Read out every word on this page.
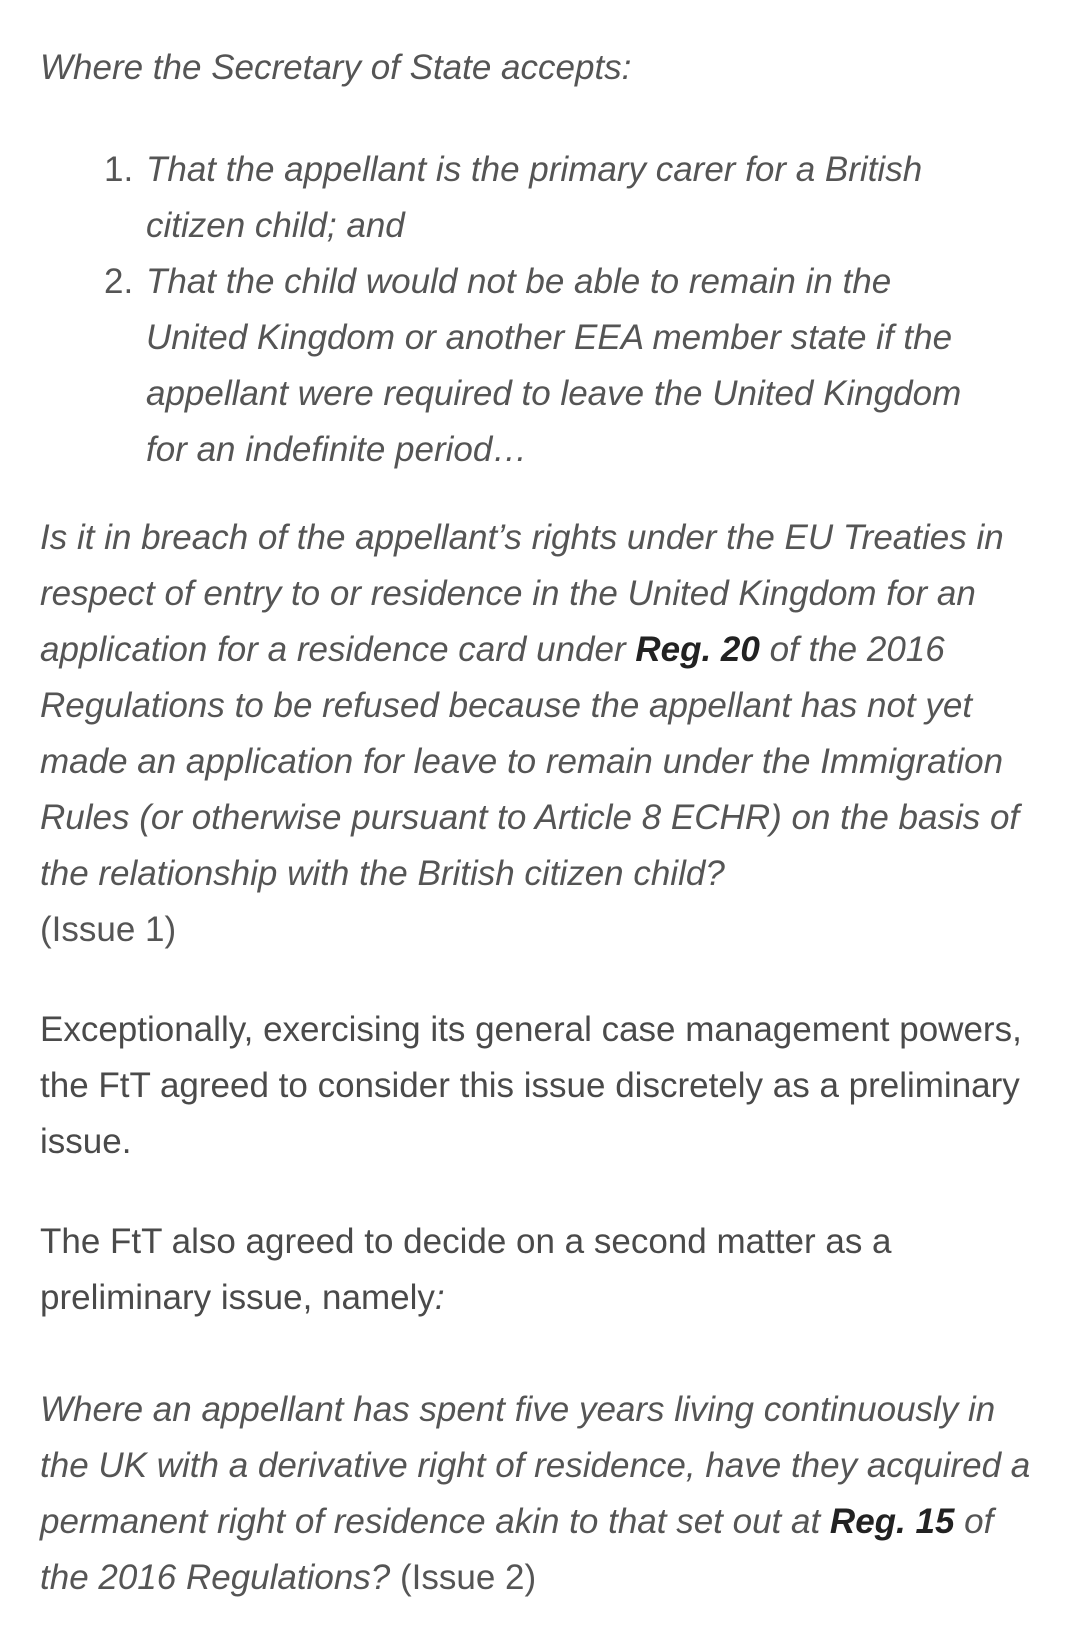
Where the Secretary of State accepts:

1. That the appellant is the primary carer for a British citizen child; and
2. That the child would not be able to remain in the United Kingdom or another EEA member state if the appellant were required to leave the United Kingdom for an indefinite period…

Is it in breach of the appellant’s rights under the EU Treaties in respect of entry to or residence in the United Kingdom for an application for a residence card under Reg. 20 of the 2016 Regulations to be refused because the appellant has not yet made an application for leave to remain under the Immigration Rules (or otherwise pursuant to Article 8 ECHR) on the basis of the relationship with the British citizen child?
(Issue 1)

Exceptionally, exercising its general case management powers, the FtT agreed to consider this issue discretely as a preliminary issue.

The FtT also agreed to decide on a second matter as a preliminary issue, namely:

Where an appellant has spent five years living continuously in the UK with a derivative right of residence, have they acquired a permanent right of residence akin to that set out at Reg. 15 of the 2016 Regulations? (Issue 2)
